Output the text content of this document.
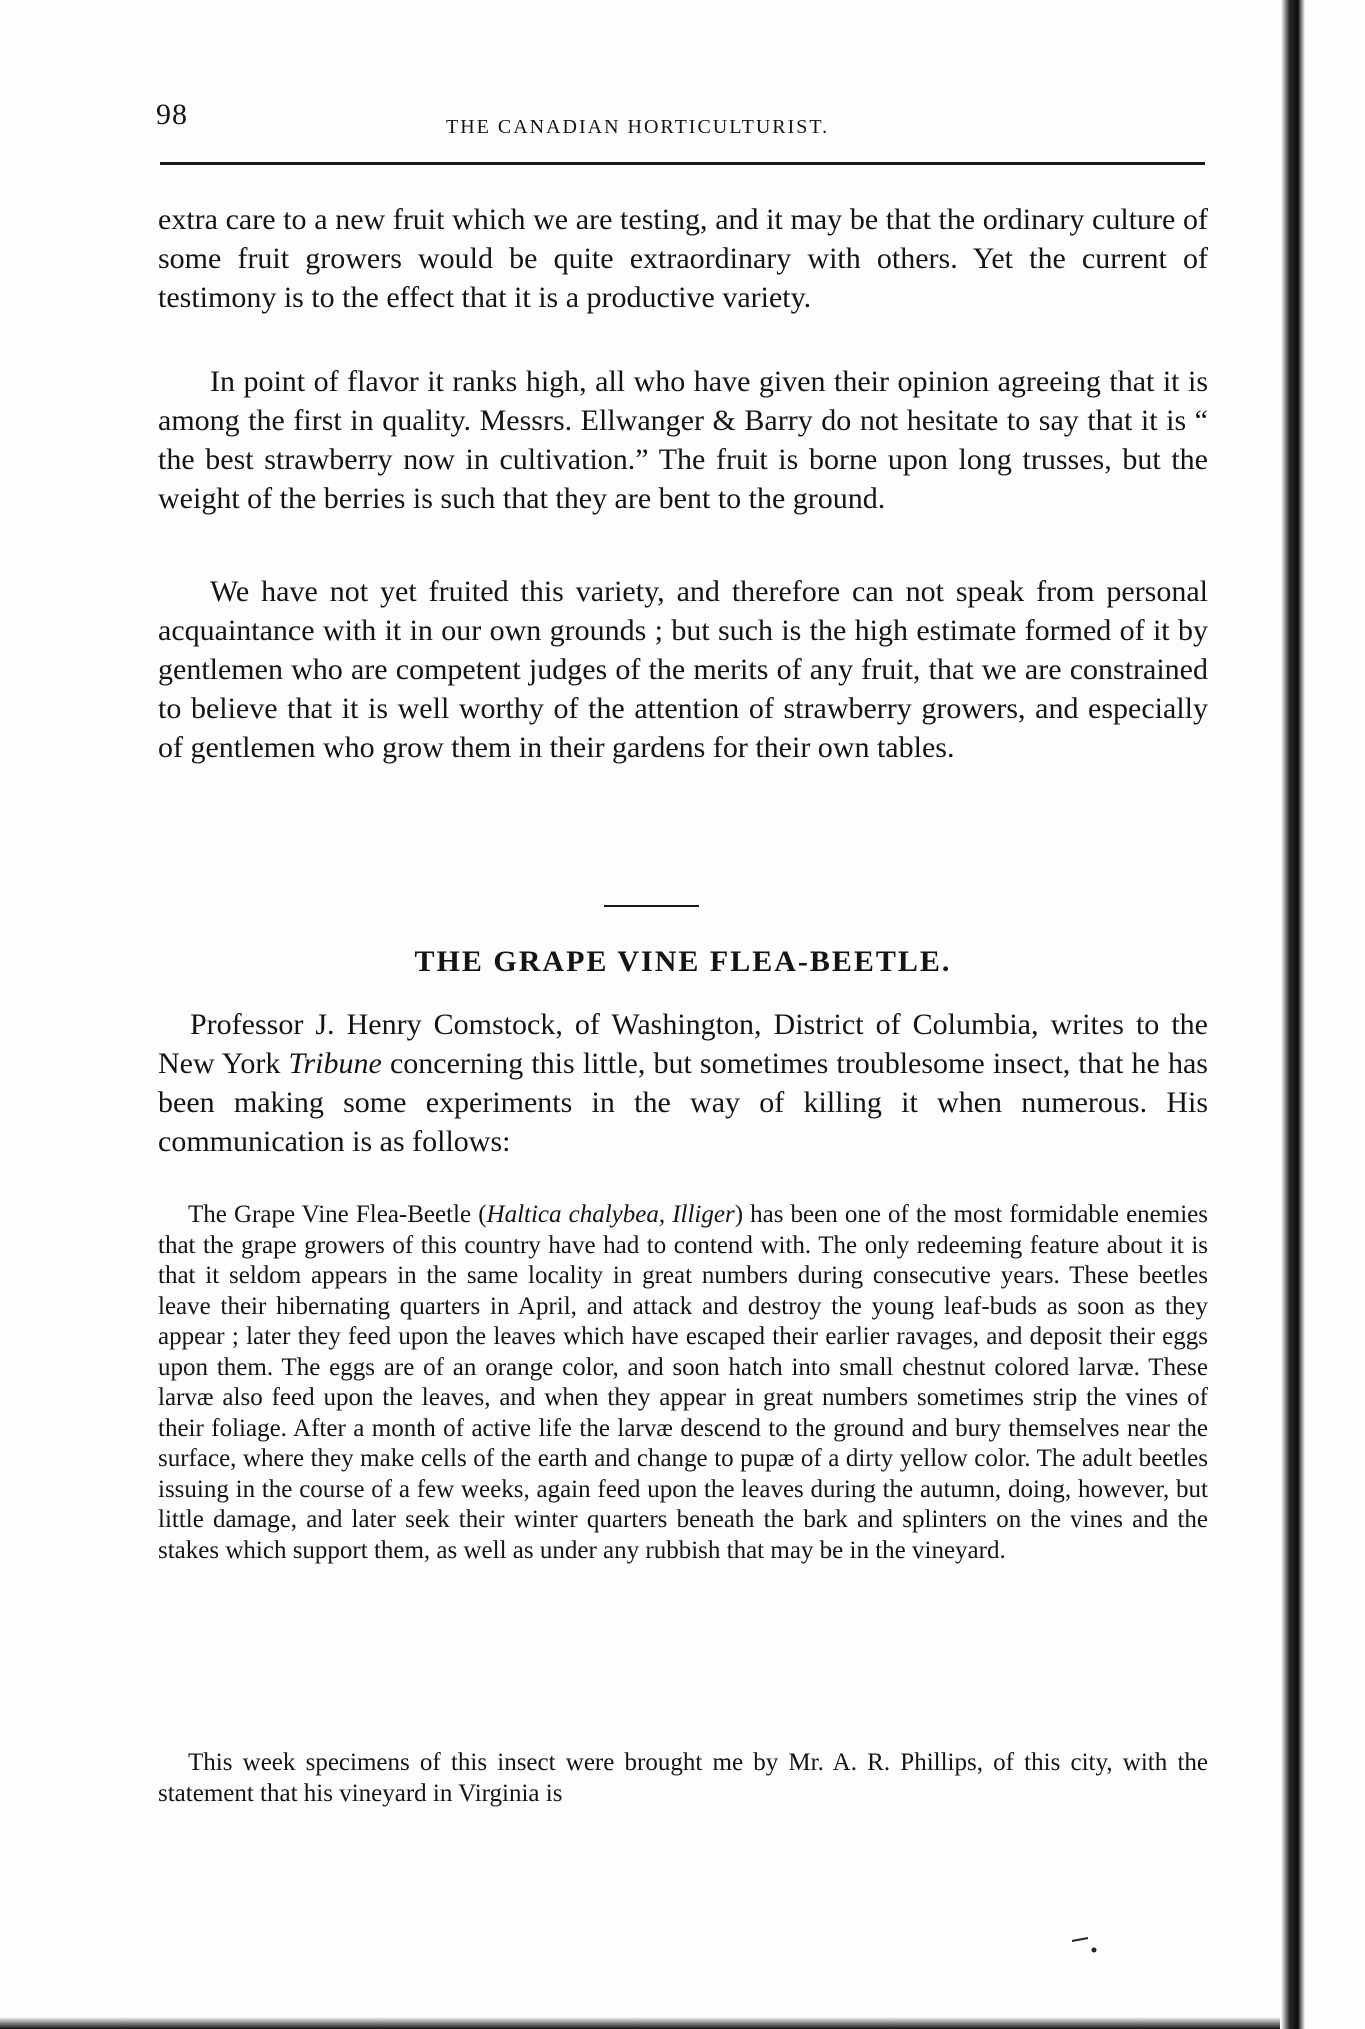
98	THE CANADIAN HORTICULTURIST.

extra care to a new fruit which we are testing, and it may be that the ordinary culture of some fruit growers would be quite extraordinary with others. Yet the current of testimony is to the effect that it is a productive variety.

In point of flavor it ranks high, all who have given their opinion agreeing that it is among the first in quality. Messrs. Ellwanger & Barry do not hesitate to say that it is “ the best strawberry now in cultivation.” The fruit is borne upon long trusses, but the weight of the berries is such that they are bent to the ground.

We have not yet fruited this variety, and therefore can not speak from personal acquaintance with it in our own grounds ; but such is the high estimate formed of it by gentlemen who are competent judges of the merits of any fruit, that we are constrained to believe that it is well worthy of the attention of strawberry growers, and especially of gentlemen who grow them in their gardens for their own tables.

THE GRAPE VINE FLEA-BEETLE.

Professor J. Henry Comstock, of Washington, District of Columbia, writes to the New York Tribune concerning this little, but sometimes troublesome insect, that he has been making some experiments in the way of killing it when numerous. His communication is as follows:

The Grape Vine Flea-Beetle (Haltica chalybea, Illiger) has been one of the most formidable enemies that the grape growers of this country have had to contend with. The only redeeming feature about it is that it seldom appears in the same locality in great numbers during consecutive years. These beetles leave their hibernating quarters in April, and attack and destroy the young leaf-buds as soon as they appear ; later they feed upon the leaves which have escaped their earlier ravages, and deposit their eggs upon them. The eggs are of an orange color, and soon hatch into small chestnut colored larvæ. These larvæ also feed upon the leaves, and when they appear in great numbers sometimes strip the vines of their foliage. After a month of active life the larvæ descend to the ground and bury themselves near the surface, where they make cells of the earth and change to pupæ of a dirty yellow color. The adult beetles issuing in the course of a few weeks, again feed upon the leaves during the autumn, doing, however, but little damage, and later seek their winter quarters beneath the bark and splinters on the vines and the stakes which support them, as well as under any rubbish that may be in the vineyard.

This week specimens of this insect were brought me by Mr. A. R. Phillips, of this city, with the statement that his vineyard in Virginia is
